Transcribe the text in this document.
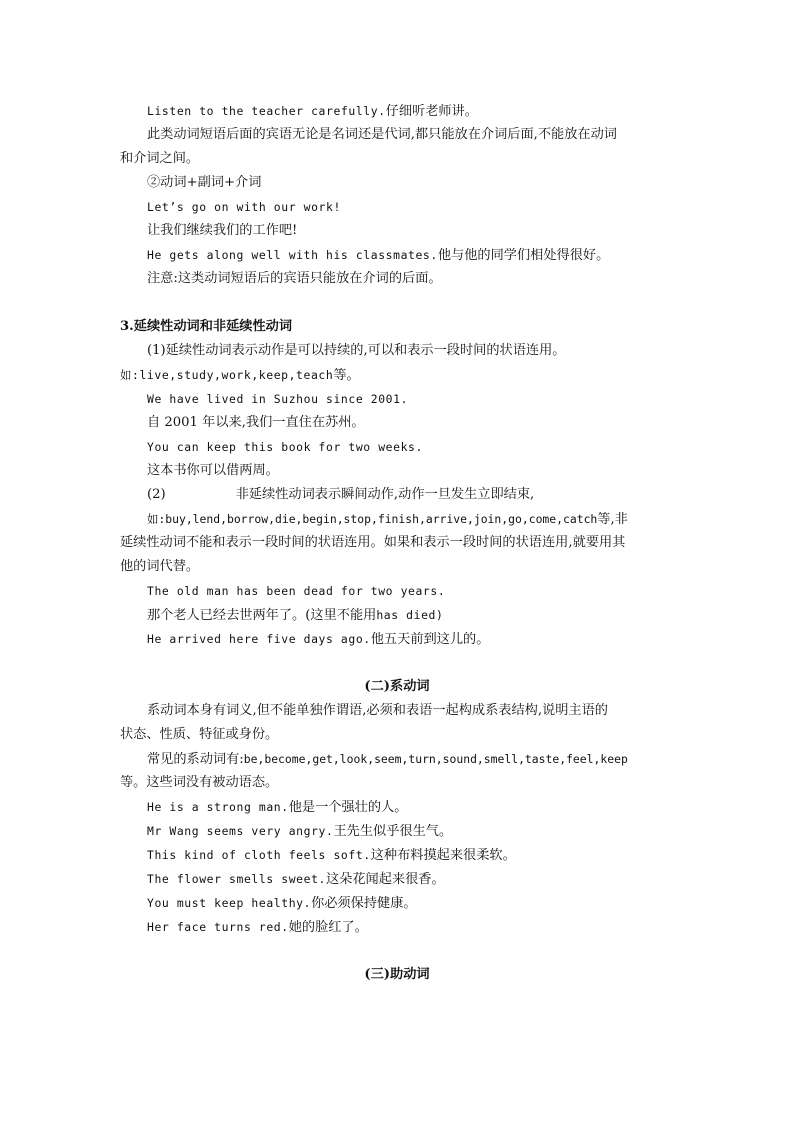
Listen to the teacher carefully.仔细听老师讲。
此类动词短语后面的宾语无论是名词还是代词,都只能放在介词后面,不能放在动词
和介词之间。
②动词+副词+介词
Let’s go on with our work!
让我们继续我们的工作吧!
He gets along well with his classmates.他与他的同学们相处得很好。
注意:这类动词短语后的宾语只能放在介词的后面。
3.延续性动词和非延续性动词
(1)延续性动词表示动作是可以持续的,可以和表示一段时间的状语连用。
如:live,study,work,keep,teach等。
We have lived in Suzhou since 2001.
自 2001 年以来,我们一直住在苏州。
You can keep this book for two weeks.
这本书你可以借两周。
(2)	非延续性动词表示瞬间动作,动作一旦发生立即结束,
如:buy,lend,borrow,die,begin,stop,finish,arrive,join,go,come,catch等,非
延续性动词不能和表示一段时间的状语连用。如果和表示一段时间的状语连用,就要用其
他的词代替。
The old man has been dead for two years.
那个老人已经去世两年了。(这里不能用has died)
He arrived here five days ago.他五天前到这儿的。
(二)系动词
系动词本身有词义,但不能单独作谓语,必须和表语一起构成系表结构,说明主语的
状态、性质、特征或身份。
常见的系动词有:be,become,get,look,seem,turn,sound,smell,taste,feel,keep
等。这些词没有被动语态。
He is a strong man.他是一个强壮的人。
Mr Wang seems very angry.王先生似乎很生气。
This kind of cloth feels soft.这种布料摸起来很柔软。
The flower smells sweet.这朵花闻起来很香。
You must keep healthy.你必须保持健康。
Her face turns red.她的脸红了。
(三)助动词
